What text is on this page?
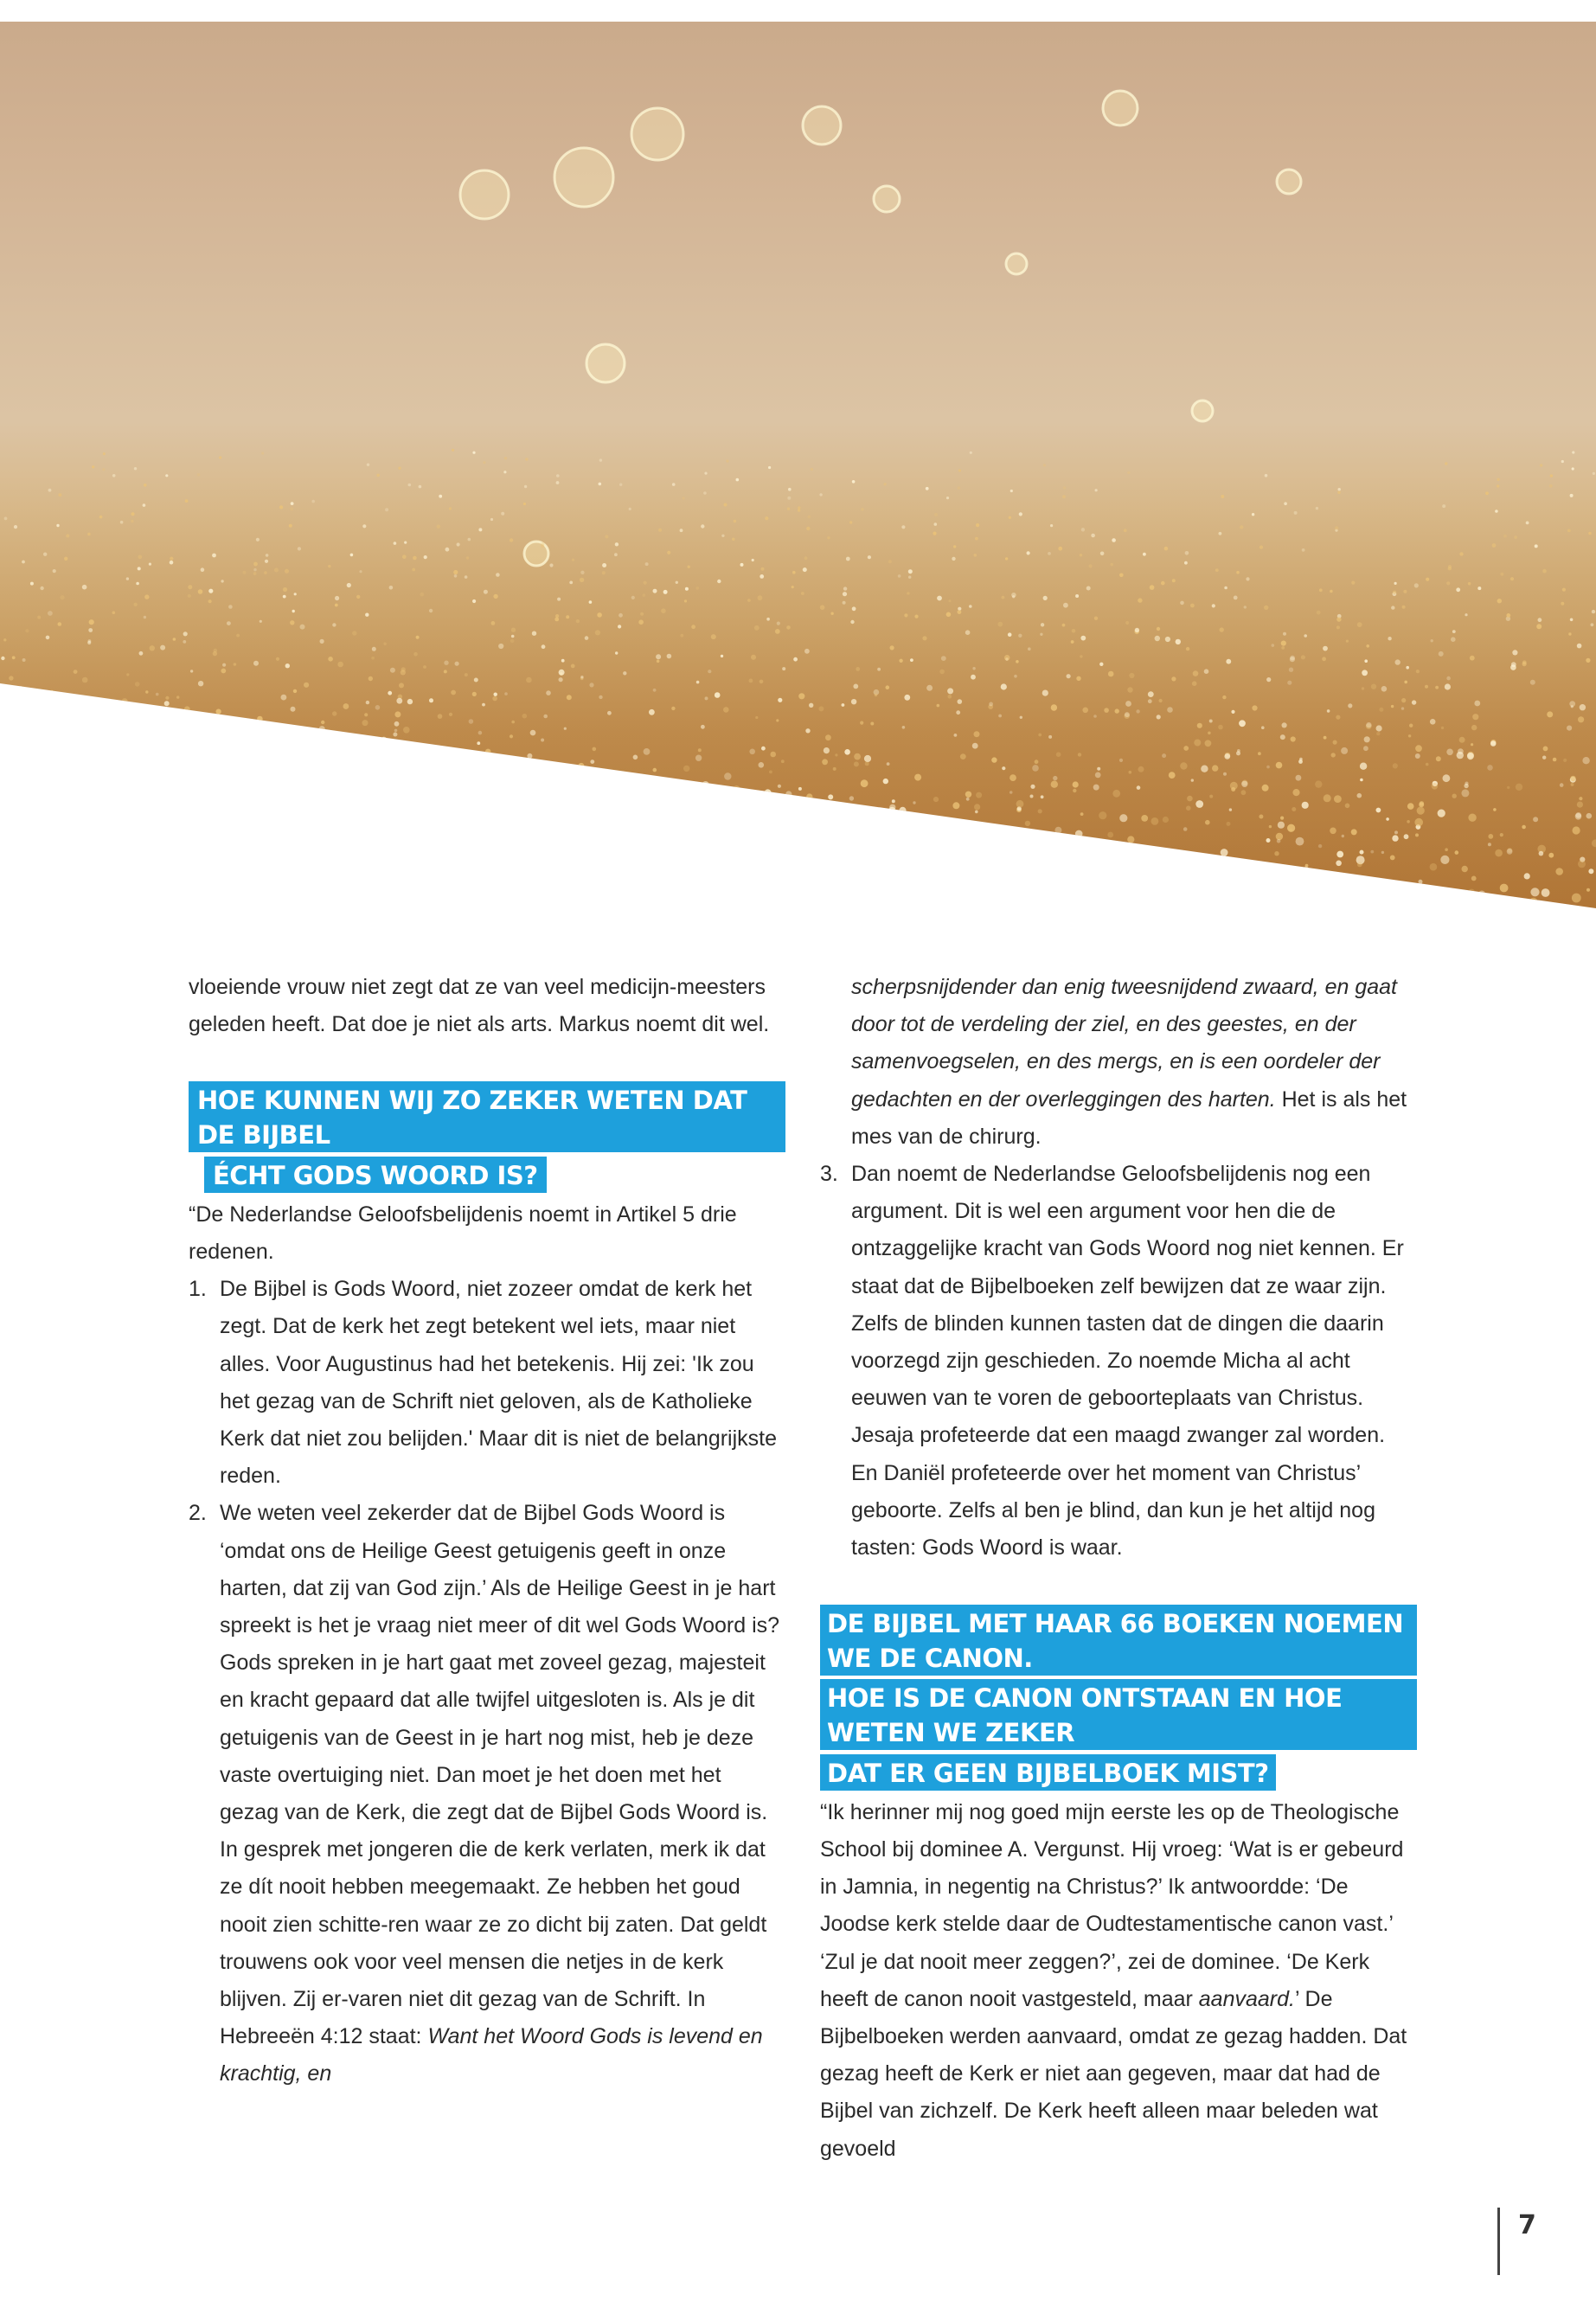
vloeiende vrouw niet zegt dat ze van veel medicijn-meesters geleden heeft. Dat doe je niet als arts. Markus noemt dit wel.

HOE KUNNEN WIJ ZO ZEKER WETEN DAT DE BIJBEL
ÉCHT GODS WOORD IS?

“De Nederlandse Geloofsbelijdenis noemt in Artikel 5 drie redenen.

1. De Bijbel is Gods Woord, niet zozeer omdat de kerk het zegt. Dat de kerk het zegt betekent wel iets, maar niet alles. Voor Augustinus had het betekenis. Hij zei: 'Ik zou het gezag van de Schrift niet geloven, als de Katholieke Kerk dat niet zou belijden.' Maar dit is niet de belangrijkste reden.
2. We weten veel zekerder dat de Bijbel Gods Woord is ‘omdat ons de Heilige Geest getuigenis geeft in onze harten, dat zij van God zijn.’ Als de Heilige Geest in je hart spreekt is het je vraag niet meer of dit wel Gods Woord is? Gods spreken in je hart gaat met zoveel gezag, majesteit en kracht gepaard dat alle twijfel uitgesloten is. Als je dit getuigenis van de Geest in je hart nog mist, heb je deze vaste overtuiging niet. Dan moet je het doen met het gezag van de Kerk, die zegt dat de Bijbel Gods Woord is. In gesprek met jongeren die de kerk verlaten, merk ik dat ze dít nooit hebben meegemaakt. Ze hebben het goud nooit zien schitte-ren waar ze zo dicht bij zaten. Dat geldt trouwens ook voor veel mensen die netjes in de kerk blijven. Zij er-varen niet dit gezag van de Schrift. In Hebreeën 4:12 staat: Want het Woord Gods is levend en krachtig, en
scherpsnijdender dan enig tweesnijdend zwaard, en gaat door tot de verdeling der ziel, en des geestes, en der samenvoegselen, en des mergs, en is een oordeler der gedachten en der overleggingen des harten. Het is als het mes van de chirurg.
3. Dan noemt de Nederlandse Geloofsbelijdenis nog een argument. Dit is wel een argument voor hen die de ontzaggelijke kracht van Gods Woord nog niet kennen. Er staat dat de Bijbelboeken zelf bewijzen dat ze waar zijn. Zelfs de blinden kunnen tasten dat de dingen die daarin voorzegd zijn geschieden. Zo noemde Micha al acht eeuwen van te voren de geboorteplaats van Christus. Jesaja profeteerde dat een maagd zwanger zal worden. En Daniël profeteerde over het moment van Christus’ geboorte. Zelfs al ben je blind, dan kun je het altijd nog tasten: Gods Woord is waar.
DE BIJBEL MET HAAR 66 BOEKEN NOEMEN WE DE CANON.
HOE IS DE CANON ONTSTAAN EN HOE WETEN WE ZEKER
DAT ER GEEN BIJBELBOEK MIST?

“Ik herinner mij nog goed mijn eerste les op de Theologische School bij dominee A. Vergunst. Hij vroeg: ‘Wat is er gebeurd in Jamnia, in negentig na Christus?’ Ik antwoordde: ‘De Joodse kerk stelde daar de Oudtestamentische canon vast.’ ‘Zul je dat nooit meer zeggen?’, zei de dominee. ‘De Kerk heeft de canon nooit vastgesteld, maar aanvaard.’ De Bijbelboeken werden aanvaard, omdat ze gezag hadden. Dat gezag heeft de Kerk er niet aan gegeven, maar dat had de Bijbel van zichzelf. De Kerk heeft alleen maar beleden wat gevoeld

7
